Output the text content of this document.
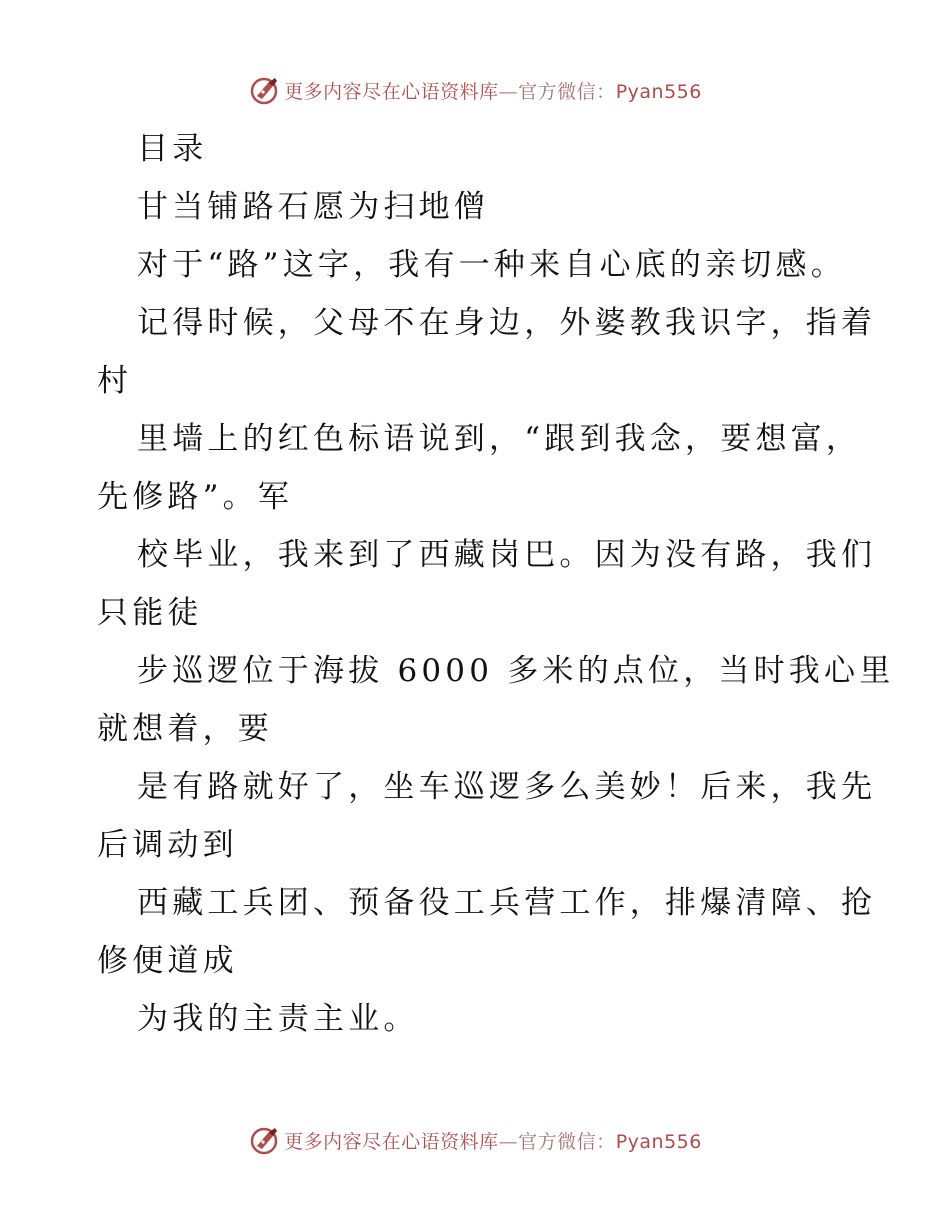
更多内容尽在心语资料库—官方微信：Pyan556
目录
甘当铺路石愿为扫地僧
对于“路”这字，我有一种来自心底的亲切感。
记得时候，父母不在身边，外婆教我识字，指着
村
里墙上的红色标语说到，“跟到我念，要想富，
先修路”。军
校毕业，我来到了西藏岗巴。因为没有路，我们
只能徒
步巡逻位于海拔 6000 多米的点位，当时我心里
就想着，要
是有路就好了，坐车巡逻多么美妙！后来，我先
后调动到
西藏工兵团、预备役工兵营工作，排爆清障、抢
修便道成
为我的主责主业。
更多内容尽在心语资料库—官方微信：Pyan556
